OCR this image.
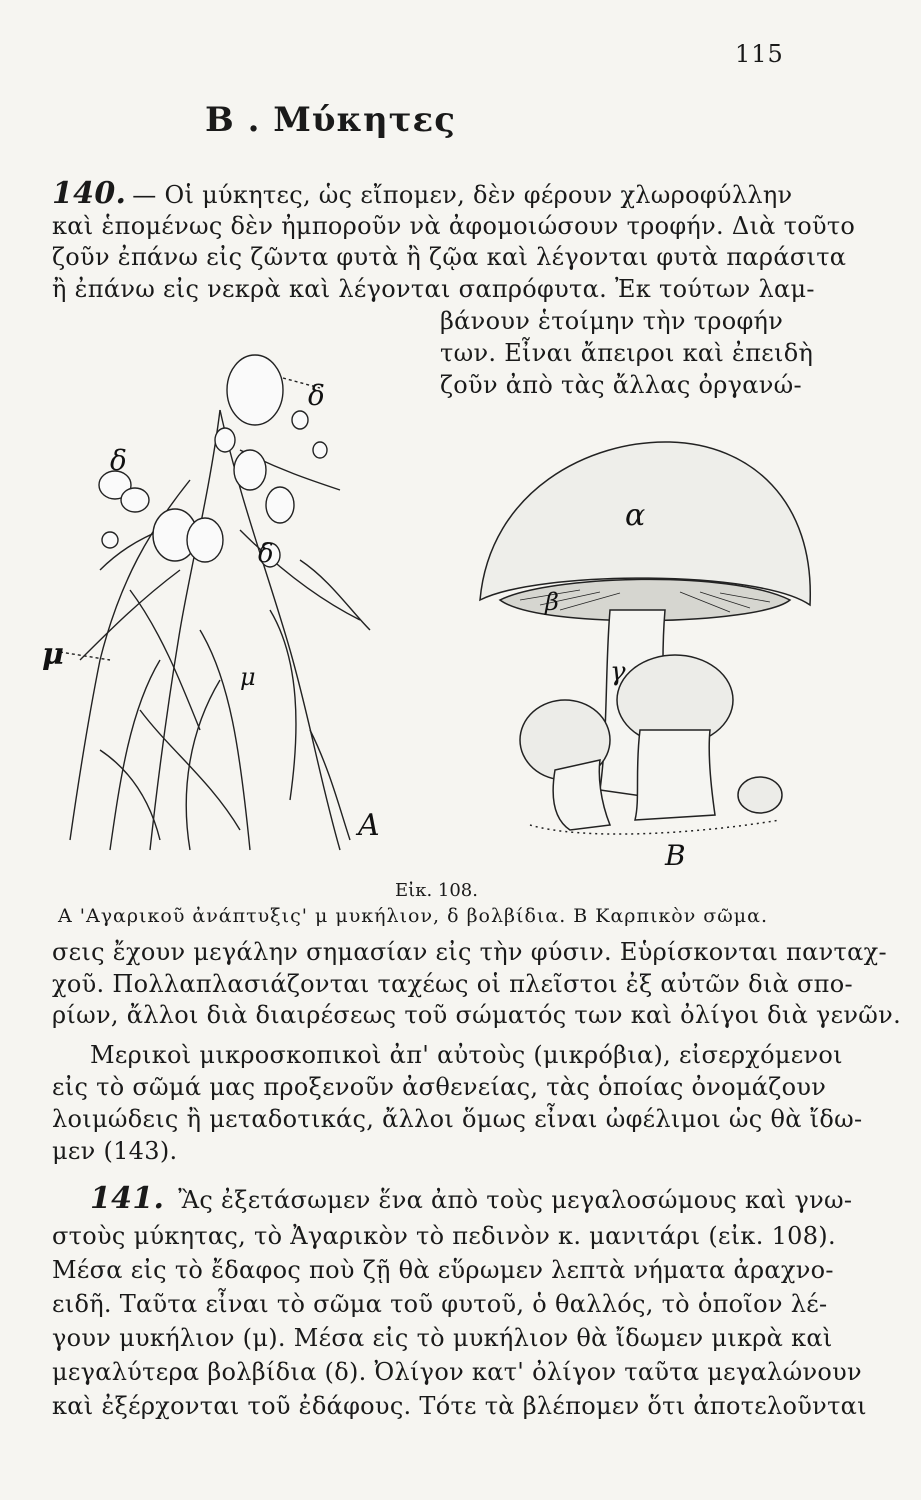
115
Β . Μύκητες
140. — Οἱ μύκητες, ὡς εἴπομεν, δὲν φέρουν χλωροφύλλην
καὶ ἑπομένως δὲν ἠμποροῦν νὰ ἀφομοιώσουν τροφήν. Διὰ τοῦτο
ζοῦν ἐπάνω εἰς ζῶντα φυτὰ ἢ ζῷα καὶ λέγονται φυτὰ παράσιτα
ἢ ἐπάνω εἰς νεκρὰ καὶ λέγονται σαπρόφυτα. Ἐκ τούτων λαμ-
βάνουν ἑτοίμην τὴν τροφήν
των. Εἶναι ἄπειροι καὶ ἐπειδὴ
ζοῦν ἀπὸ τὰς ἄλλας ὀργανώ-
δ
δ
δ
μ
μ
A
α
β
γ
B
Εἰκ. 108.
Α 'Αγαρικοῦ ἀνάπτυξις' μ μυκήλιον, δ βολβίδια. Β Καρπικὸν σῶμα.
σεις ἔχουν μεγάλην σημασίαν εἰς τὴν φύσιν. Εὑρίσκονται πανταχ-
χοῦ. Πολλαπλασιάζονται ταχέως οἱ πλεῖστοι ἐξ αὐτῶν διὰ σπο-
ρίων, ἄλλοι διὰ διαιρέσεως τοῦ σώματός των καὶ ὀλίγοι διὰ γενῶν.
Μερικοὶ μικροσκοπικοὶ ἀπ' αὐτοὺς (μικρόβια), εἰσερχόμενοι
εἰς τὸ σῶμά μας προξενοῦν ἀσθενείας, τὰς ὁποίας ὀνομάζουν
λοιμώδεις ἢ μεταδοτικάς, ἄλλοι ὅμως εἶναι ὠφέλιμοι ὡς θὰ ἴδω-
μεν (143).
141. Ἂς ἐξετάσωμεν ἕνα ἀπὸ τοὺς μεγαλοσώμους καὶ γνω-
στοὺς μύκητας, τὸ Ἀγαρικὸν τὸ πεδινὸν κ. μανιτάρι (εἰκ. 108).
Μέσα εἰς τὸ ἔδαφος ποὺ ζῇ θὰ εὕρωμεν λεπτὰ νήματα ἀραχνο-
ειδῆ. Ταῦτα εἶναι τὸ σῶμα τοῦ φυτοῦ, ὁ θαλλός, τὸ ὁποῖον λέ-
γουν μυκήλιον (μ). Μέσα εἰς τὸ μυκήλιον θὰ ἴδωμεν μικρὰ καὶ
μεγαλύτερα βολβίδια (δ). Ὀλίγον κατ' ὀλίγον ταῦτα μεγαλώνουν
καὶ ἐξέρχονται τοῦ ἐδάφους. Τότε τὰ βλέπομεν ὅτι ἀποτελοῦνται
